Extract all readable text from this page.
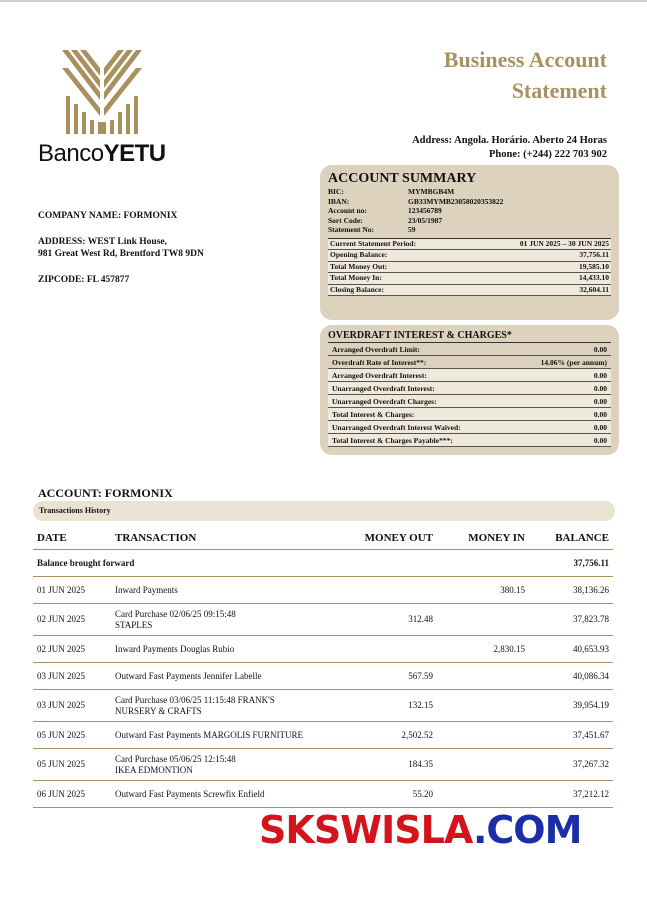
BancoYETU
Business Account
Statement
Address: Angola. Horário. Aberto 24 Horas
Phone: (+244) 222 703 902
COMPANY NAME: FORMONIX
ADDRESS: WEST Link House,
981 Great West Rd, Brentford TW8 9DN
ZIPCODE: FL 457877
ACCOUNT SUMMARY
BIC:	MYMBGB4M
IBAN:	GB33MYMB23058020353822
Account no:	123456789
Sort Code:	23/05/1987
Statement No:	59
Current Statement Period:	01 JUN 2025 – 30 JUN 2025
Opening Balance:	37,756.11
Total Money Out:	19,585.10
Total Money In:	14,433.10
Closing Balance:	32,604.11
OVERDRAFT INTEREST & CHARGES*
Arranged Overdraft Limit:	0.00
Overdraft Rate of Interest**:	14.06% (per annum)
Arranged Overdraft Interest:	0.00
Unarranged Overdraft Interest:	0.00
Unarranged Overdraft Charges:	0.00
Total Interest & Charges:	0.00
Unarranged Overdraft Interest Waived:	0.00
Total Interest & Charges Payable***:	0.00
ACCOUNT: FORMONIX
Transactions History
DATE	TRANSACTION	MONEY OUT	MONEY IN	BALANCE
Balance brought forward				37,756.11
01 JUN 2025	Inward Payments		380.15	38,136.26
02 JUN 2025	Card Purchase 02/06/25 09:15:48
STAPLES	312.48		37,823.78
02 JUN 2025	Inward Payments Douglas Rubio		2,830.15	40,653.93
03 JUN 2025	Outward Fast Payments Jennifer Labelle	567.59		40,086.34
03 JUN 2025	Card Purchase 03/06/25 11:15:48 FRANK'S
NURSERY & CRAFTS	132.15		39,954.19
05 JUN 2025	Outward Fast Payments MARGOLIS FURNITURE	2,502.52		37,451.67
05 JUN 2025	Card Purchase 05/06/25 12:15:48
IKEA EDMONTION	184.35		37,267.32
06 JUN 2025	Outward Fast Payments Screwfix Enfield	55.20		37,212.12
SKSWISLA.COM
